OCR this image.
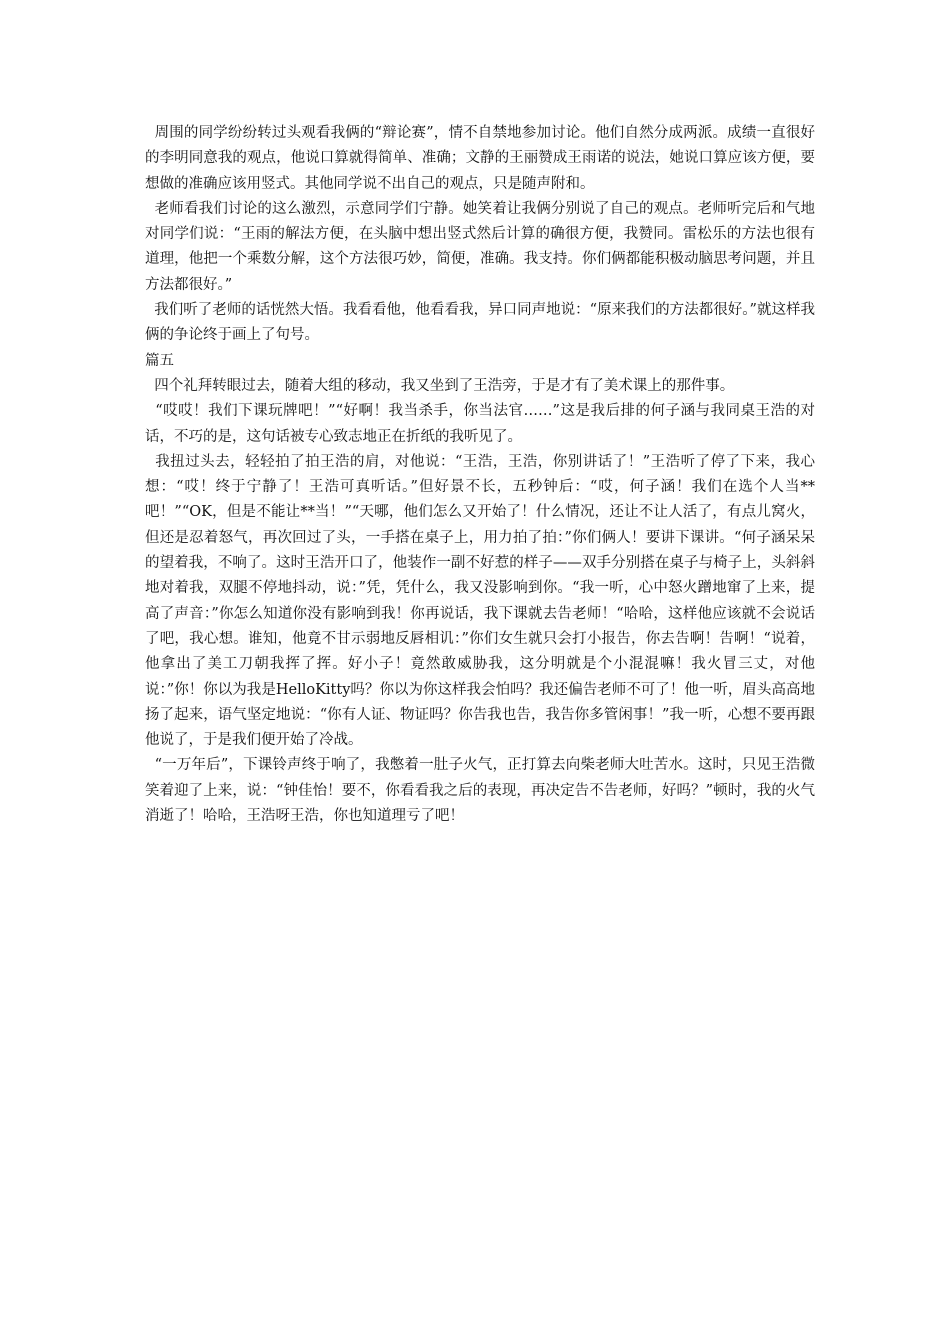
周围的同学纷纷转过头观看我俩的“辩论赛”，情不自禁地参加讨论。他们自然分成两派。成绩一直很好的李明同意我的观点，他说口算就得简单、准确；文静的王丽赞成王雨诺的说法，她说口算应该方便，要想做的准确应该用竖式。其他同学说不出自己的观点，只是随声附和。

老师看我们讨论的这么激烈，示意同学们宁静。她笑着让我俩分别说了自己的观点。老师听完后和气地对同学们说：“王雨的解法方便，在头脑中想出竖式然后计算的确很方便，我赞同。雷松乐的方法也很有道理，他把一个乘数分解，这个方法很巧妙，简便，准确。我支持。你们俩都能积极动脑思考问题，并且方法都很好。”

我们听了老师的话恍然大悟。我看看他，他看看我，异口同声地说：“原来我们的方法都很好。”就这样我俩的争论终于画上了句号。

篇五

四个礼拜转眼过去，随着大组的移动，我又坐到了王浩旁，于是才有了美术课上的那件事。

“哎哎！我们下课玩牌吧！”“好啊！我当杀手，你当法官……”这是我后排的何子涵与我同桌王浩的对话，不巧的是，这句话被专心致志地正在折纸的我听见了。

我扭过头去，轻轻拍了拍王浩的肩，对他说：“王浩，王浩，你别讲话了！”王浩听了停了下来，我心想：“哎！终于宁静了！王浩可真听话。”但好景不长，五秒钟后：“哎，何子涵！我们在选个人当**吧！”“OK，但是不能让**当！”“天哪，他们怎么又开始了！什么情况，还让不让人活了，有点儿窝火，但还是忍着怒气，再次回过了头，一手搭在桌子上，用力拍了拍：”你们俩人！要讲下课讲。“何子涵呆呆的望着我，不响了。这时王浩开口了，他装作一副不好惹的样子——双手分别搭在桌子与椅子上，头斜斜地对着我，双腿不停地抖动，说：”凭，凭什么，我又没影响到你。“我一听，心中怒火蹭地窜了上来，提高了声音：”你怎么知道你没有影响到我！你再说话，我下课就去告老师！“哈哈，这样他应该就不会说话了吧，我心想。谁知，他竟不甘示弱地反唇相讥：”你们女生就只会打小报告，你去告啊！告啊！“说着，他拿出了美工刀朝我挥了挥。好小子！竟然敢威胁我，这分明就是个小混混嘛！我火冒三丈，对他说：”你！你以为我是HelloKitty吗？你以为你这样我会怕吗？我还偏告老师不可了！他一听，眉头高高地扬了起来，语气坚定地说：“你有人证、物证吗？你告我也告，我告你多管闲事！”我一听，心想不要再跟他说了，于是我们便开始了冷战。

“一万年后”，下课铃声终于响了，我憋着一肚子火气，正打算去向柴老师大吐苦水。这时，只见王浩微笑着迎了上来，说：“钟佳怡！要不，你看看我之后的表现，再决定告不告老师，好吗？”顿时，我的火气消逝了！哈哈，王浩呀王浩，你也知道理亏了吧！
